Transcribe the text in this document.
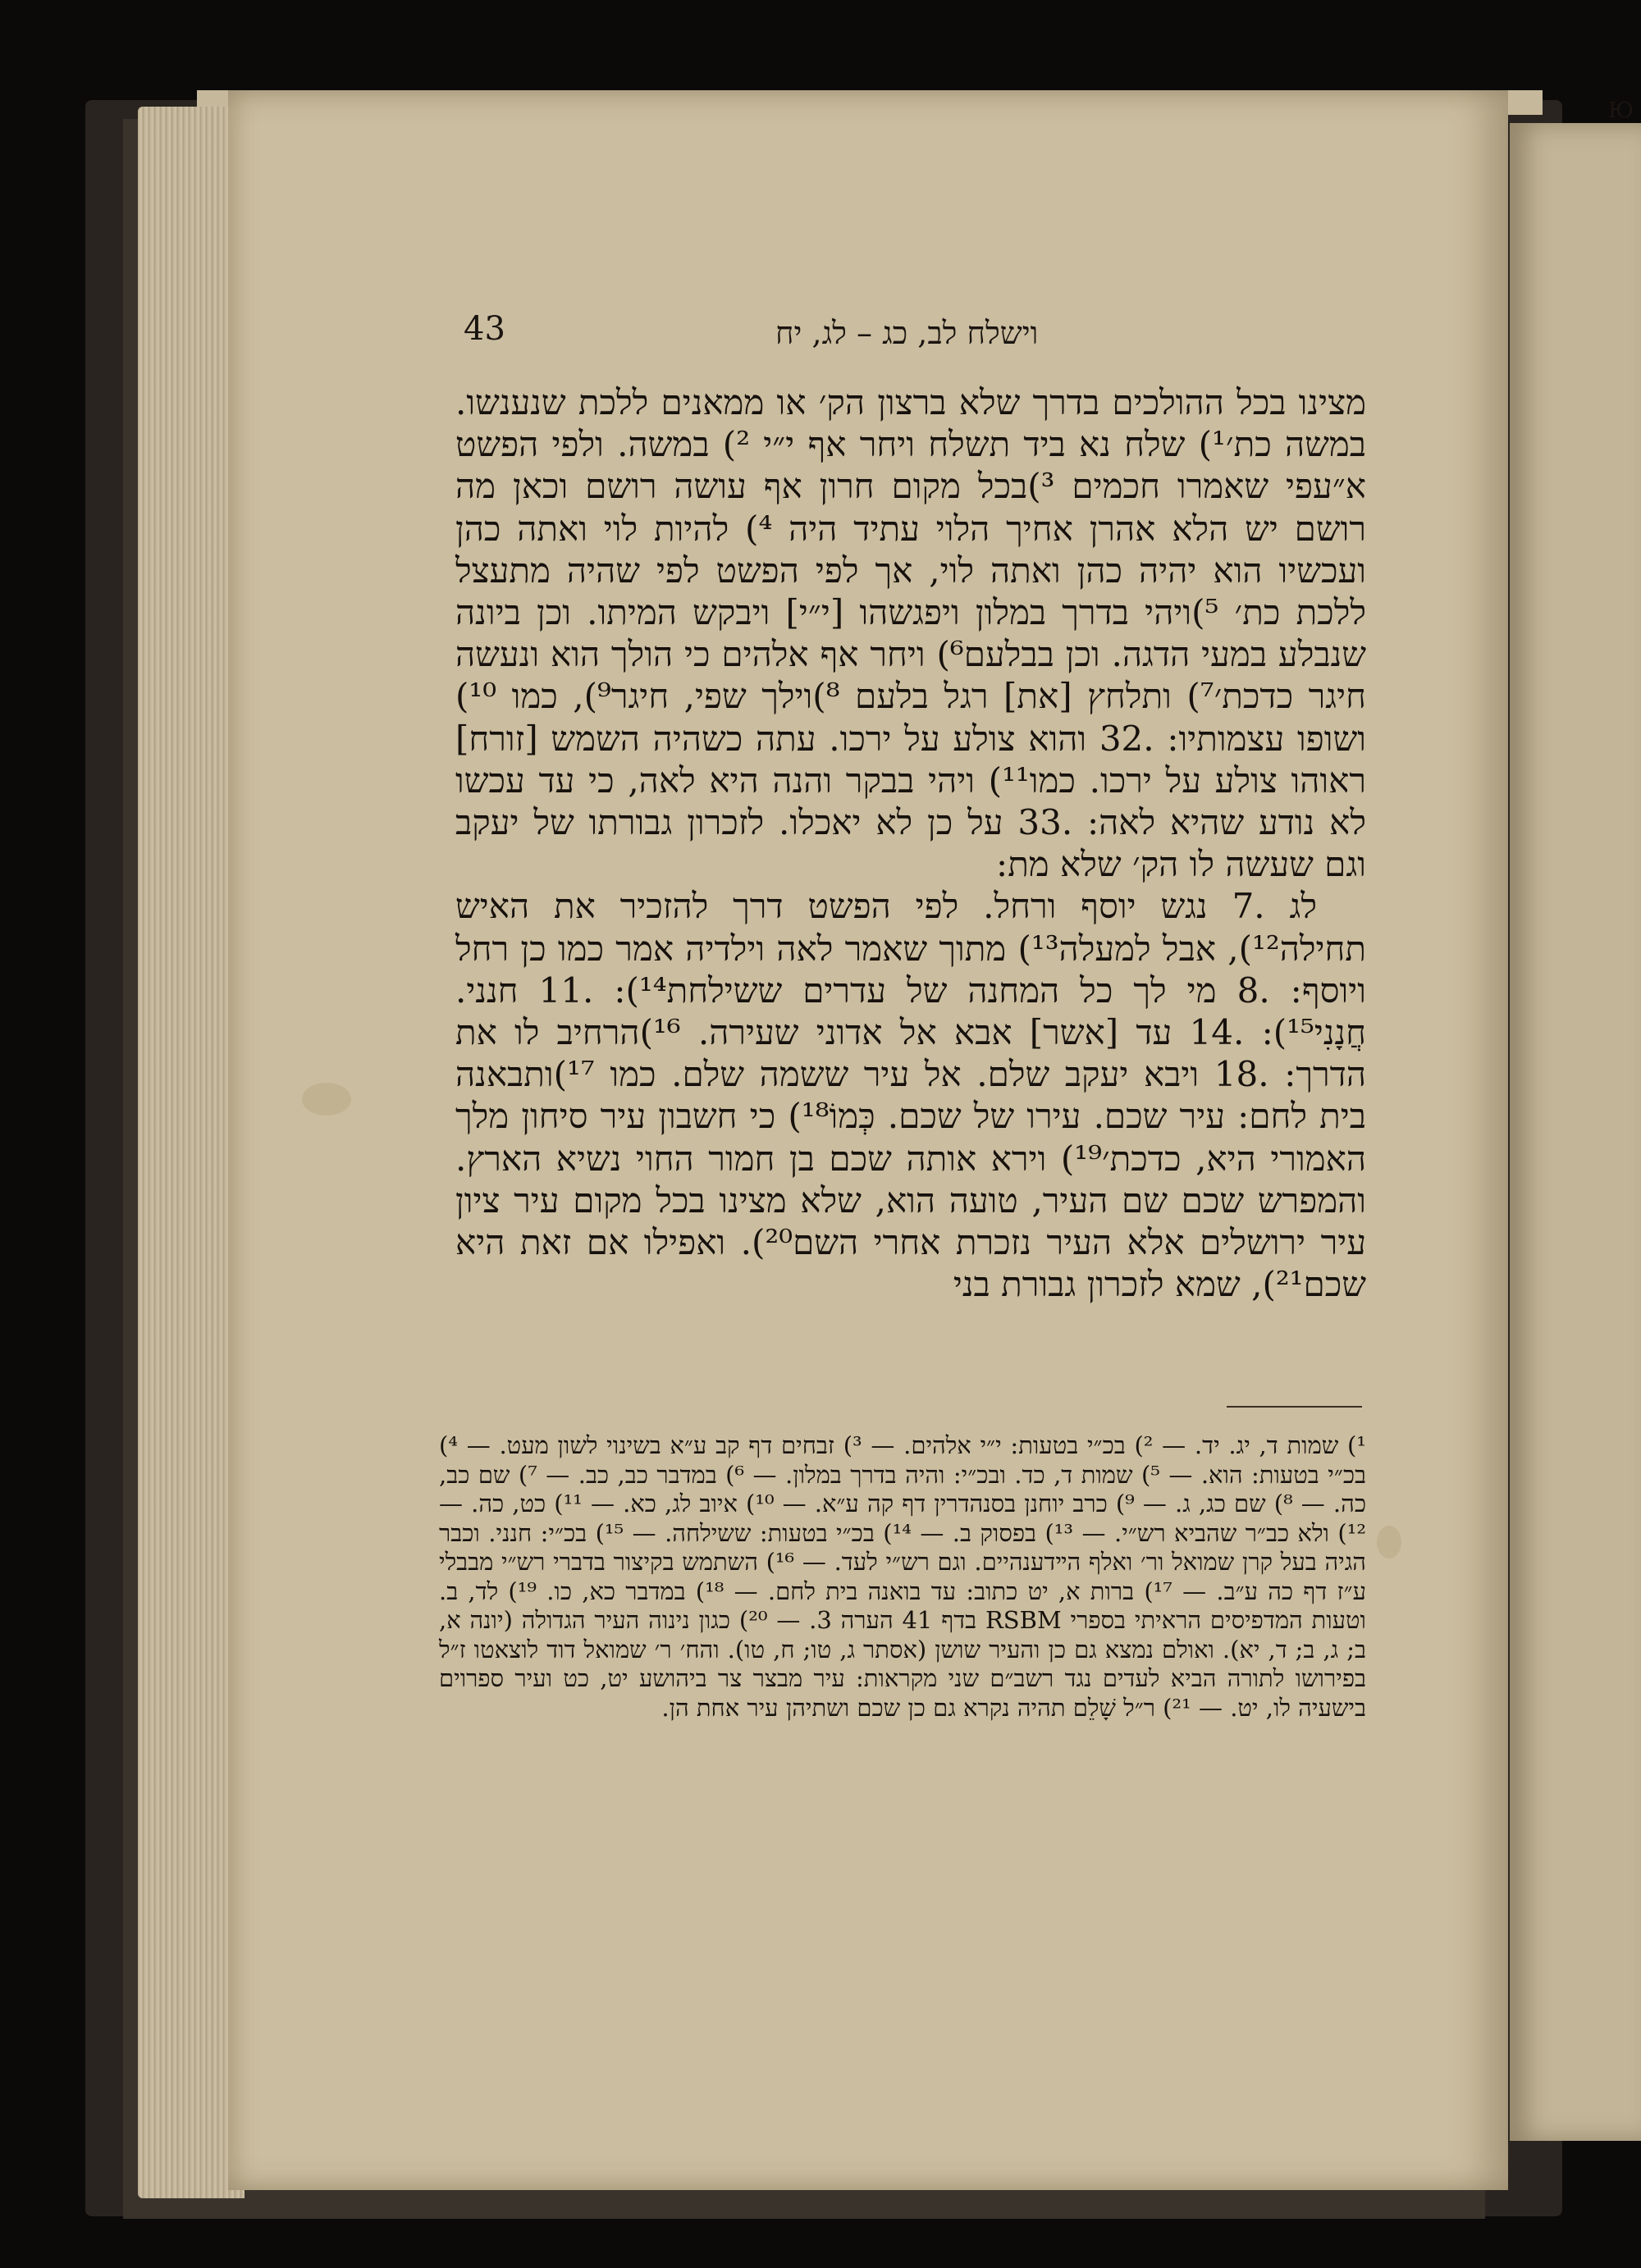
Ю
43	וישלח לב, כג – לג, יח

מצינו בכל ההולכים בדרך שלא ברצון הק׳ או ממאנים ללכת שנענשו. במשה כת׳¹) שלח נא ביד תשלח ויחר אף י״י ²) במשה. ולפי הפשט א״עפי שאמרו חכמים ³)בכל מקום חרון אף עושה רושם וכאן מה רושם יש הלא אהרן אחיך הלוי עתיד היה ⁴) להיות לוי ואתה כהן ועכשיו הוא יהיה כהן ואתה לוי, אך לפי הפשט לפי שהיה מתעצל ללכת כת׳ ⁵)ויהי בדרך במלון ויפגשהו [י״י] ויבקש המיתו. וכן ביונה שנבלע במעי הדגה. וכן בבלעם⁶) ויחר אף אלהים כי הולך הוא ונעשה חיגר כדכת׳⁷) ותלחץ [את] רגל בלעם ⁸)וילך שפי, חיגר⁹), כמו ¹⁰) ושופו עצמותיו: .32 והוא צולע על ירכו. עתה כשהיה השמש [זורח] ראוהו צולע על ירכו. כמו¹¹) ויהי בבקר והנה היא לאה, כי עד עכשו לא נודע שהיא לאה: .33 על כן לא יאכלו. לזכרון גבורתו של יעקב וגם שעשה לו הק׳ שלא מת:

לג .7 נגש יוסף ורחל. לפי הפשט דרך להזכיר את האיש תחילה¹²), אבל למעלה¹³) מתוך שאמר לאה וילדיה אמר כמו כן רחל ויוסף: .8 מי לך כל המחנה של עדרים ששילחת¹⁴): .11 חנני. חֲנָנִי¹⁵): .14 עד [אשר] אבא אל אדוני שעירה. ¹⁶)הרחיב לו את הדרך: .18 ויבא יעקב שלם. אל עיר ששמה שלם. כמו ¹⁷)ותבאנה בית לחם: עיר שכם. עירו של שכם. כְּמוֹ¹⁸) כי חשבון עיר סיחון מלך האמורי היא, כדכת׳¹⁹) וירא אותה שכם בן חמור החוי נשיא הארץ. והמפרש שכם שם העיר, טועה הוא, שלא מצינו בכל מקום עיר ציון עיר ירושלים אלא העיר נזכרת אחרי השם²⁰). ואפילו אם זאת היא שכם²¹), שמא לזכרון גבורת בני

¹) שמות ד, יג. יד. — ²) בכ״י בטעות: י״י אלהים. — ³) זבחים דף קב ע״א בשינוי לשון מעט. — ⁴) בכ״י בטעות: הוא. — ⁵) שמות ד, כד. ובכ״י: והיה בדרך במלון. — ⁶) במדבר כב, כב. — ⁷) שם כב, כה. — ⁸) שם כג, ג. — ⁹) כרב יוחנן בסנהדרין דף קה ע״א. — ¹⁰) איוב לג, כא. — ¹¹) כט, כה. — ¹²) ולא כב״ר שהביא רש״י. — ¹³) בפסוק ב. — ¹⁴) בכ״י בטעות: ששילחה. — ¹⁵) בכ״י: חנני. וכבר הגיה בעל קרן שמואל ור׳ ואלף הײדענהיים. וגם רש״י לעד. — ¹⁶) השתמש בקיצור בדברי רש״י מבבלי ע״ז דף כה ע״ב. — ¹⁷) ברות א, יט כתוב: עד בואנה בית לחם. — ¹⁸) במדבר כא, כו. ¹⁹) לד, ב. וטעות המדפיסים הראיתי בספרי RSBM בדף 41 הערה 3. — ²⁰) כגון נינוה העיר הגדולה (יונה א, ב; ג, ב; ד, יא). ואולם נמצא גם כן והעיר שושן (אסתר ג, טו; ח, טו). והח׳ ר׳ שמואל דוד לוצאטו ז״ל בפירושו לתורה הביא לעדים נגד רשב״ם שני מקראות: עיר מבצר צר ביהושע יט, כט ועיר ספרוים בישעיה לו, יט. — ²¹) ר״ל שָׁלֵם תהיה נקרא גם כן שכם ושתיהן עיר אחת הן.
